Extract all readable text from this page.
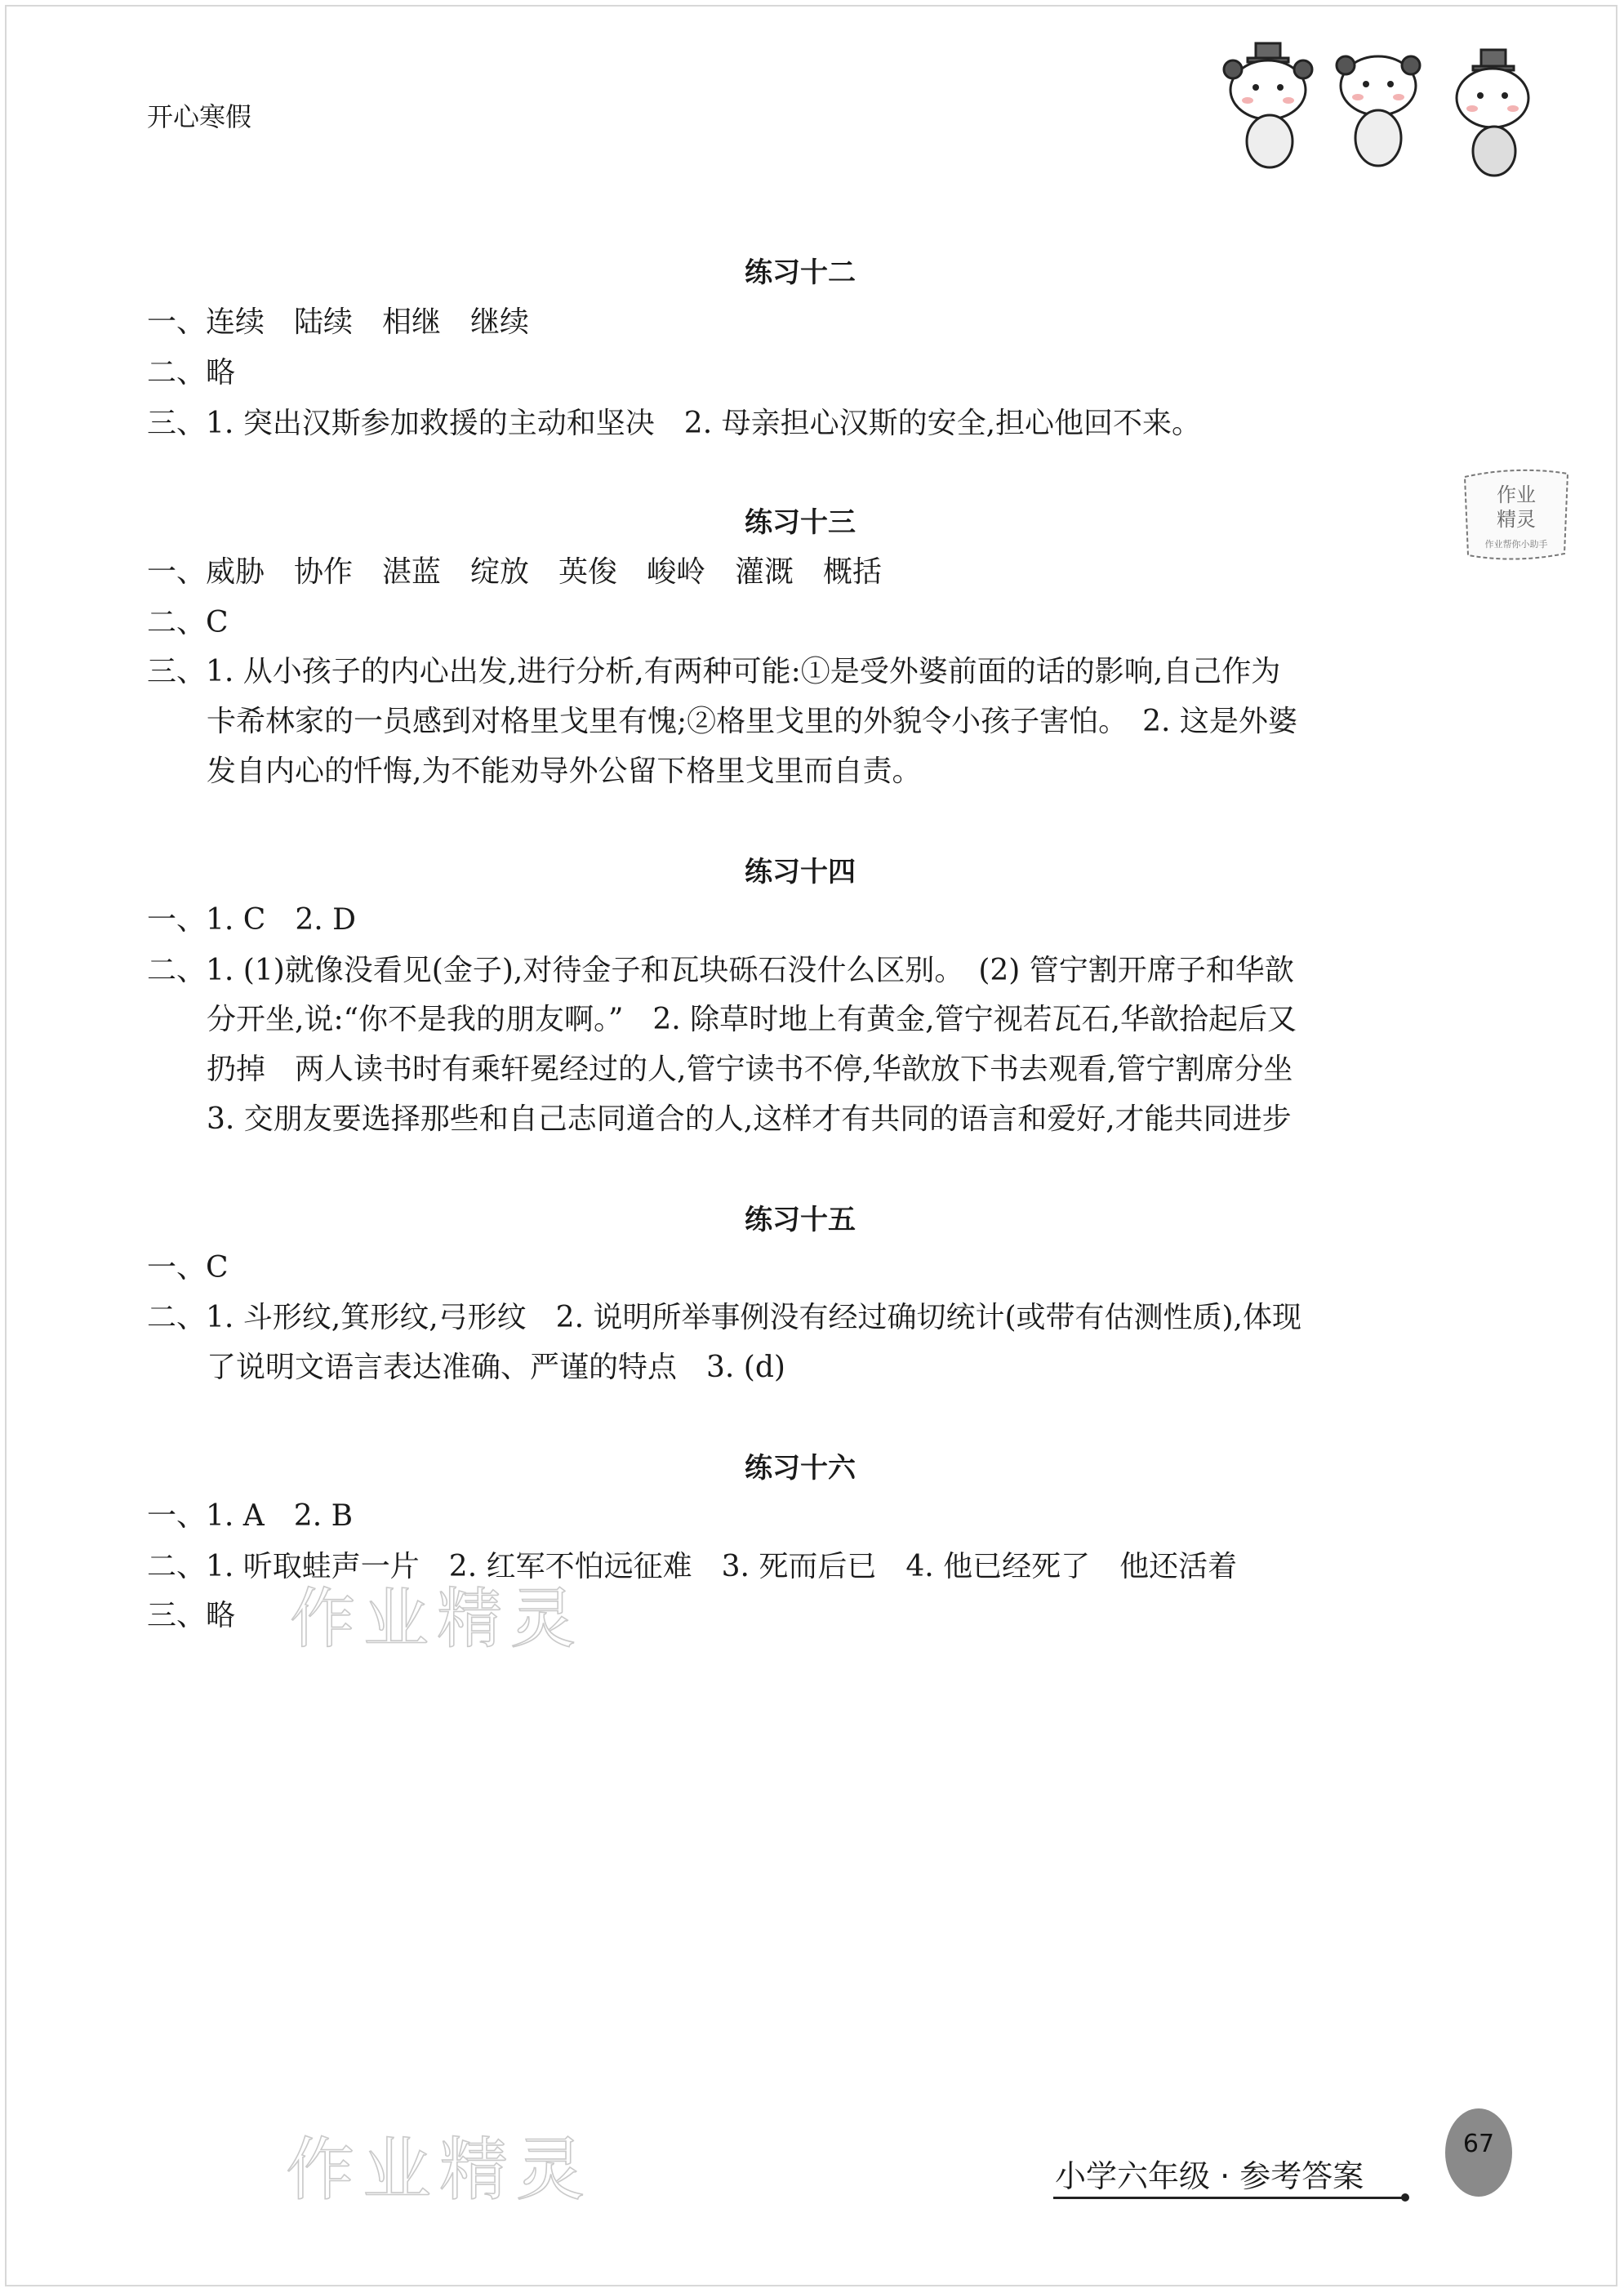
开心寒假
作业
精灵
作业帮你小助手
练习十二
一、连续　陆续　相继　继续
二、略
三、1. 突出汉斯参加救援的主动和坚决　2. 母亲担心汉斯的安全,担心他回不来。
练习十三
一、威胁　协作　湛蓝　绽放　英俊　峻岭　灌溉　概括
二、C
三、1. 从小孩子的内心出发,进行分析,有两种可能:①是受外婆前面的话的影响,自己作为
卡希林家的一员感到对格里戈里有愧;②格里戈里的外貌令小孩子害怕。　2. 这是外婆
发自内心的忏悔,为不能劝导外公留下格里戈里而自责。
练习十四
一、1. C　2. D
二、1. (1)就像没看见(金子),对待金子和瓦块砾石没什么区别。　(2) 管宁割开席子和华歆
分开坐,说:“你不是我的朋友啊。”　2. 除草时地上有黄金,管宁视若瓦石,华歆拾起后又
扔掉　两人读书时有乘轩冕经过的人,管宁读书不停,华歆放下书去观看,管宁割席分坐
3. 交朋友要选择那些和自己志同道合的人,这样才有共同的语言和爱好,才能共同进步
练习十五
一、C
二、1. 斗形纹,箕形纹,弓形纹　2. 说明所举事例没有经过确切统计(或带有估测性质),体现
了说明文语言表达准确、严谨的特点　3. (d)
练习十六
一、1. A　2. B
二、1. 听取蛙声一片　2. 红军不怕远征难　3. 死而后已　4. 他已经死了　他还活着
三、略 作业精灵
作业精灵	小学六年级 · 参考答案
67
